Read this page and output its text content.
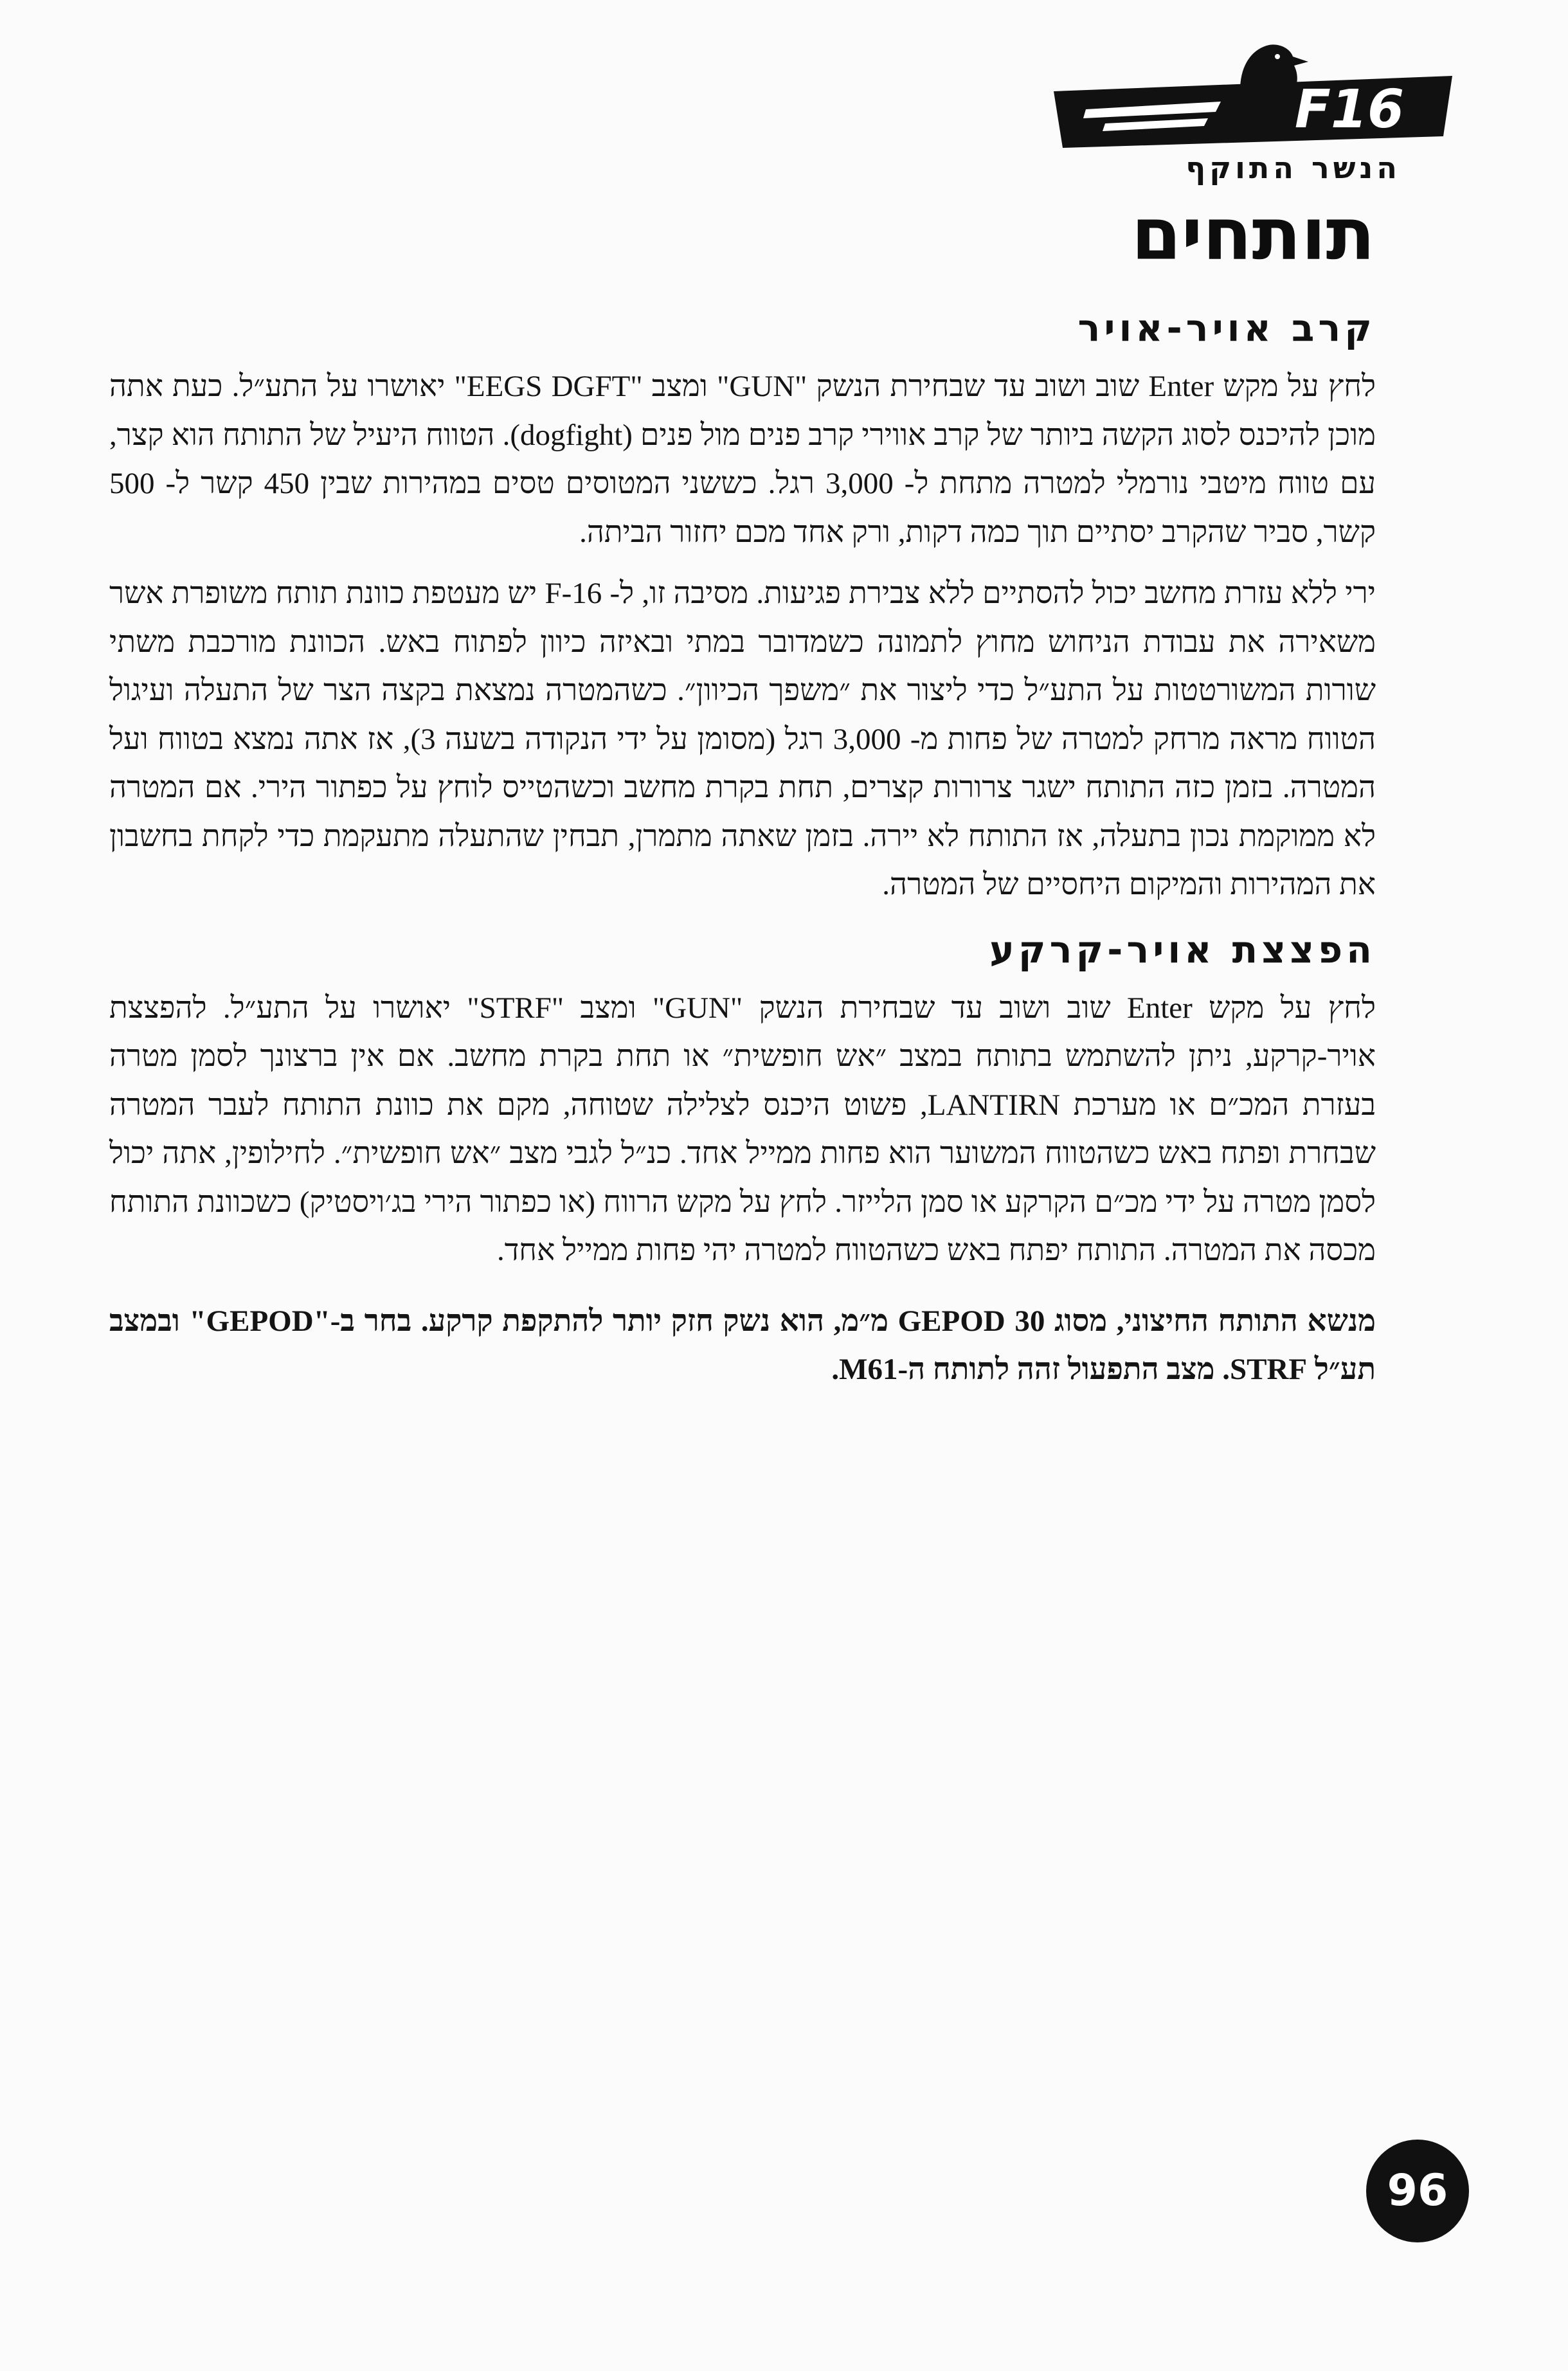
F16
הנשר התוקף
תותחים
קרב אויר-אויר

לחץ על מקש Enter שוב ושוב עד שבחירת הנשק "GUN" ומצב "EEGS DGFT" יאושרו על התע״ל. כעת אתה מוכן להיכנס לסוג הקשה ביותר של קרב אווירי קרב פנים מול פנים (dogfight). הטווח היעיל של התותח הוא קצר, עם טווח מיטבי נורמלי למטרה מתחת ל- 3,000 רגל. כששני המטוסים טסים במהירות שבין 450 קשר ל- 500 קשר, סביר שהקרב יסתיים תוך כמה דקות, ורק אחד מכם יחזור הביתה.

ירי ללא עזרת מחשב יכול להסתיים ללא צבירת פגיעות. מסיבה זו, ל- F-16 יש מעטפת כוונת תותח משופרת אשר משאירה את עבודת הניחוש מחוץ לתמונה כשמדובר במתי ובאיזה כיוון לפתוח באש. הכוונת מורכבת משתי שורות המשורטטות על התע״ל כדי ליצור את ״משפך הכיוון״. כשהמטרה נמצאת בקצה הצר של התעלה ועיגול הטווח מראה מרחק למטרה של פחות מ- 3,000 רגל (מסומן על ידי הנקודה בשעה 3), אז אתה נמצא בטווח ועל המטרה. בזמן כזה התותח ישגר צרורות קצרים, תחת בקרת מחשב וכשהטייס לוחץ על כפתור הירי. אם המטרה לא ממוקמת נכון בתעלה, אז התותח לא יירה. בזמן שאתה מתמרן, תבחין שהתעלה מתעקמת כדי לקחת בחשבון את המהירות והמיקום היחסיים של המטרה.

הפצצת אויר-קרקע

לחץ על מקש Enter שוב ושוב עד שבחירת הנשק "GUN" ומצב "STRF" יאושרו על התע״ל. להפצצת אויר-קרקע, ניתן להשתמש בתותח במצב ״אש חופשית״ או תחת בקרת מחשב. אם אין ברצונך לסמן מטרה בעזרת המכ״ם או מערכת LANTIRN, פשוט היכנס לצלילה שטוחה, מקם את כוונת התותח לעבר המטרה שבחרת ופתח באש כשהטווח המשוער הוא פחות ממייל אחד. כנ״ל לגבי מצב ״אש חופשית״. לחילופין, אתה יכול לסמן מטרה על ידי מכ״ם הקרקע או סמן הלייזר. לחץ על מקש הרווח (או כפתור הירי בג׳ויסטיק) כשכוונת התותח מכסה את המטרה. התותח יפתח באש כשהטווח למטרה יהי פחות ממייל אחד.

מנשא התותח החיצוני, מסוג GEPOD 30 מ״מ, הוא נשק חזק יותר להתקפת קרקע. בחר ב-"GEPOD" ובמצב תע״ל STRF. מצב התפעול זהה לתותח ה-M61.

96
